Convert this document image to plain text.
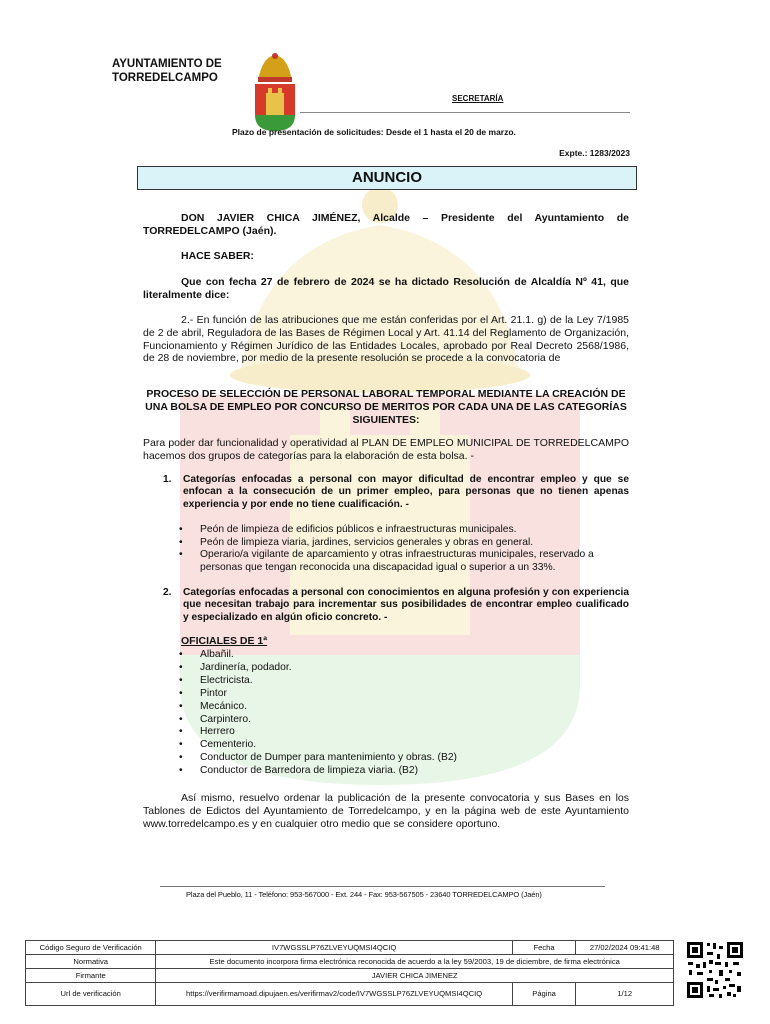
AYUNTAMIENTO DE
TORREDELCAMPO
SECRETARÍA
Plazo de presentación de solicitudes: Desde el 1 hasta el 20 de marzo.
Expte.: 1283/2023
ANUNCIO
DON JAVIER CHICA JIMÉNEZ, Alcalde – Presidente del Ayuntamiento de TORREDELCAMPO (Jaén).
HACE SABER:
Que con fecha 27 de febrero de 2024 se ha dictado Resolución de Alcaldía Nº 41, que literalmente dice:
2.- En función de las atribuciones que me están conferidas por el Art. 21.1. g) de la Ley 7/1985 de 2 de abril, Reguladora de las Bases de Régimen Local y Art. 41.14 del Reglamento de Organización, Funcionamiento y Régimen Jurídico de las Entidades Locales, aprobado por Real Decreto 2568/1986, de 28 de noviembre, por medio de la presente resolución se procede a la convocatoria de
PROCESO DE SELECCIÓN DE PERSONAL LABORAL TEMPORAL MEDIANTE LA CREACIÓN DE UNA BOLSA DE EMPLEO POR CONCURSO DE MERITOS POR CADA UNA DE LAS CATEGORÍAS SIGUIENTES:
Para poder dar funcionalidad y operatividad al PLAN DE EMPLEO MUNICIPAL DE TORREDELCAMPO hacemos dos grupos de categorías para la elaboración de esta bolsa. -
1. Categorías enfocadas a personal con mayor dificultad de encontrar empleo y que se enfocan a la consecución de un primer empleo, para personas que no tienen apenas experiencia y por ende no tiene cualificación. -
• Peón de limpieza de edificios públicos e infraestructuras municipales.
• Peón de limpieza viaria, jardines, servicios generales y obras en general.
• Operario/a vigilante de aparcamiento y otras infraestructuras municipales, reservado a personas que tengan reconocida una discapacidad igual o superior a un 33%.
2. Categorías enfocadas a personal con conocimientos en alguna profesión y con experiencia que necesitan trabajo para incrementar sus posibilidades de encontrar empleo cualificado y especializado en algún oficio concreto. -
OFICIALES DE 1ª
• Albañil.
• Jardinería, podador.
• Electricista.
• Pintor
• Mecánico.
• Carpintero.
• Herrero
• Cementerio.
• Conductor de Dumper para mantenimiento y obras. (B2)
• Conductor de Barredora de limpieza viaria. (B2)
Así mismo, resuelvo ordenar la publicación de la presente convocatoria y sus Bases en los Tablones de Edictos del Ayuntamiento de Torredelcampo, y en la página web de este Ayuntamiento www.torredelcampo.es y en cualquier otro medio que se considere oportuno.
Plaza del Pueblo, 11 - Teléfono: 953-567000 - Ext. 244 - Fax: 953-567505 - 23640 TORREDELCAMPO (Jaén)
Código Seguro de Verificación	IV7WGSSLP76ZLVEYUQMSI4QCIQ	Fecha	27/02/2024 09:41:48
Normativa	Este documento incorpora firma electrónica reconocida de acuerdo a la ley 59/2003, 19 de diciembre, de firma electrónica		
Firmante	JAVIER CHICA JIMENEZ		
Url de verificación	https://verifirmamoad.dipujaen.es/verifirmav2/code/IV7WGSSLP76ZLVEYUQMSI4QCIQ	Página	1/12
